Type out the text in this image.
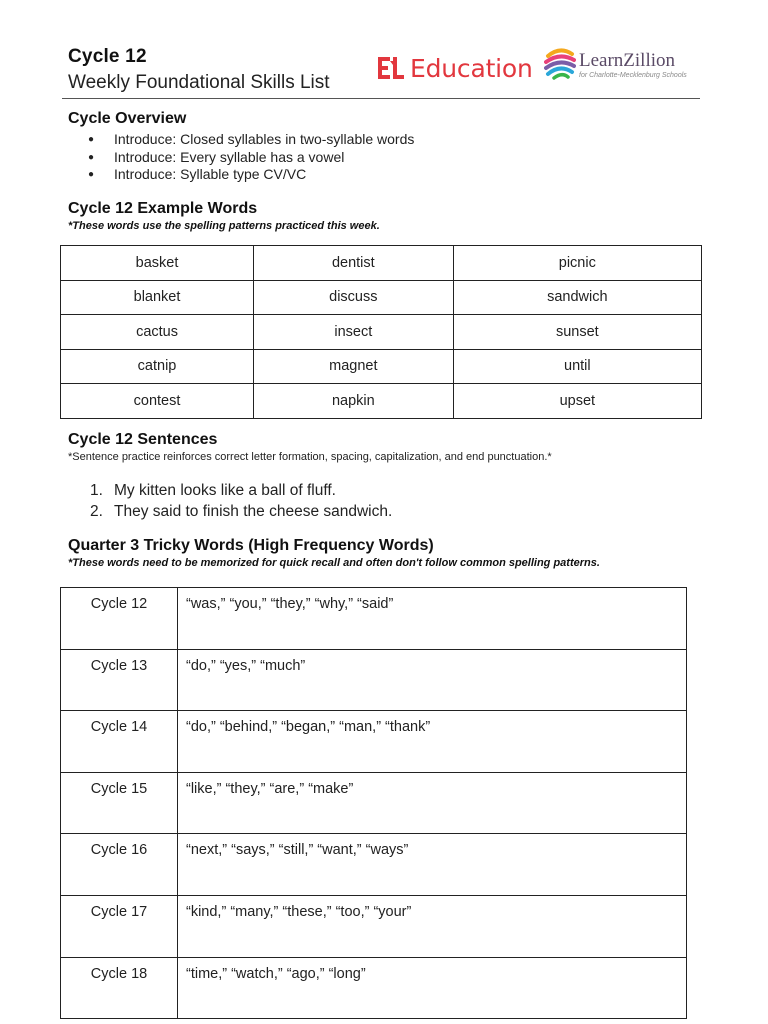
Cycle 12
Weekly Foundational Skills List	Education LearnZillion
for Charlotte-Mecklenburg Schools
Cycle Overview
●	Introduce: Closed syllables in two-syllable words
●	Introduce: Every syllable has a vowel
●	Introduce: Syllable type CV/VC
Cycle 12 Example Words
*These words use the spelling patterns practiced this week.
basket	dentist	picnic
blanket	discuss	sandwich
cactus	insect	sunset
catnip	magnet	until
contest	napkin	upset
Cycle 12 Sentences
*Sentence practice reinforces correct letter formation, spacing, capitalization, and end punctuation.*
1. My kitten looks like a ball of fluff.
2. They said to finish the cheese sandwich.
Quarter 3 Tricky Words (High Frequency Words)
*These words need to be memorized for quick recall and often don't follow common spelling patterns.
Cycle 12	“was,” “you,” “they,” “why,” “said”
Cycle 13	“do,” “yes,” “much”
Cycle 14	“do,” “behind,” “began,” “man,” “thank”
Cycle 15	“like,” “they,” “are,” “make”
Cycle 16	“next,” “says,” “still,” “want,” “ways”
Cycle 17	“kind,” “many,” “these,” “too,” “your”
Cycle 18	“time,” “watch,” “ago,” “long”
